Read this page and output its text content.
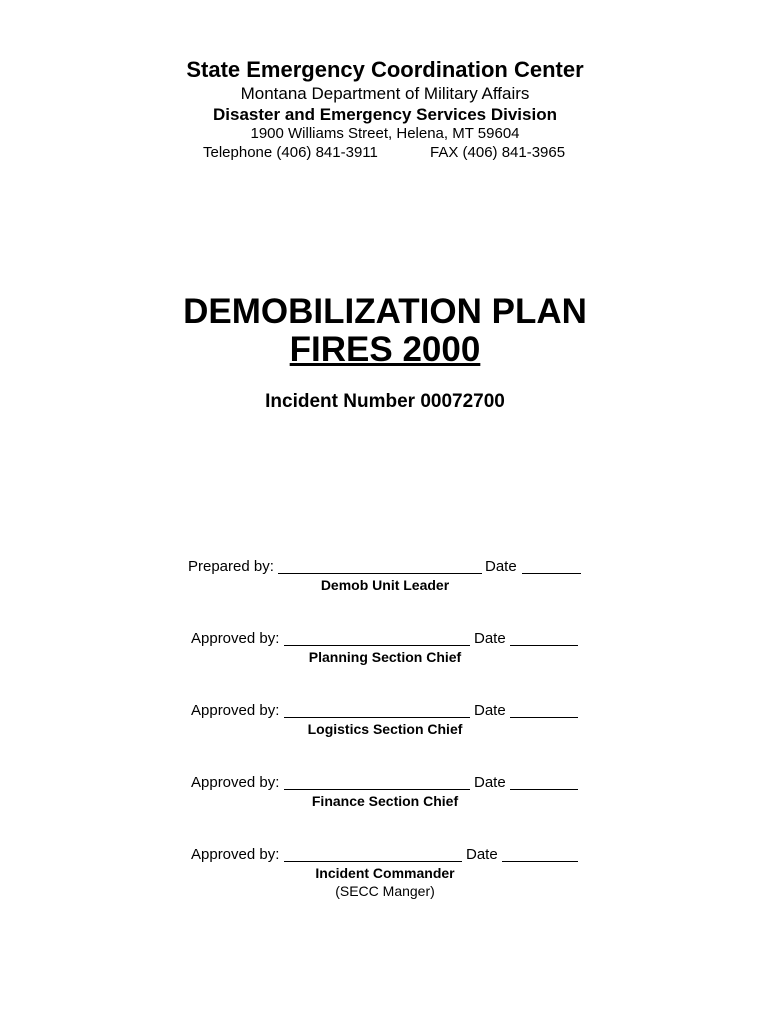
State Emergency Coordination Center
Montana Department of Military Affairs
Disaster and Emergency Services Division
1900 Williams Street, Helena, MT 59604
Telephone (406) 841-3911	FAX (406) 841-3965
DEMOBILIZATION PLAN
FIRES 2000
Incident Number 00072700
Prepared by:	Date
Demob Unit Leader
Approved by:	Date
Planning Section Chief
Approved by:	Date
Logistics Section Chief
Approved by:	Date
Finance Section Chief
Approved by:	Date
Incident Commander
(SECC Manger)
